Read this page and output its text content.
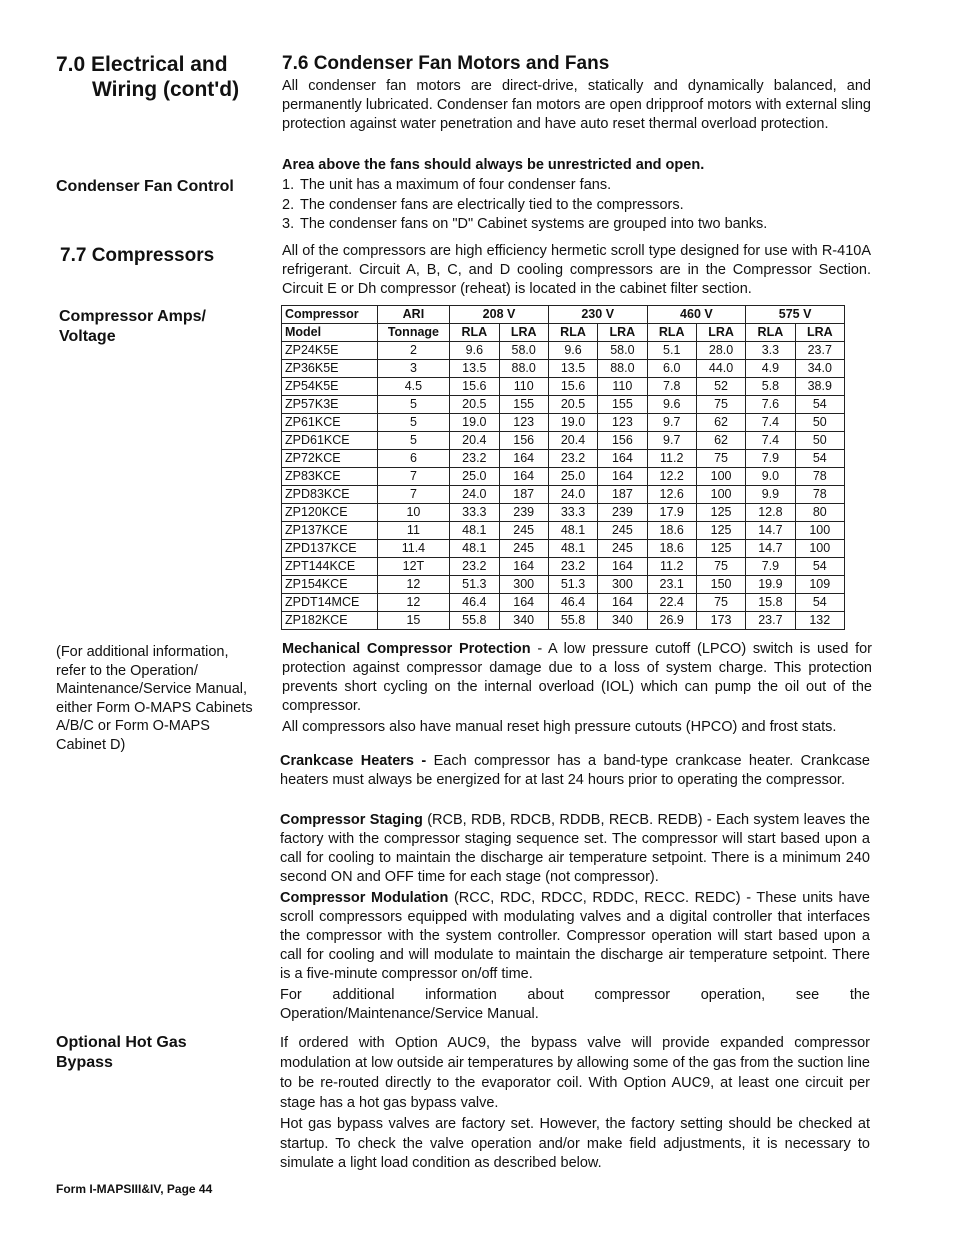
7.0 Electrical and
Wiring (cont'd)
7.6 Condenser Fan Motors and Fans
All condenser fan motors are direct-drive, statically and dynamically balanced, and permanently lubricated. Condenser fan motors are open dripproof motors with external sling protection against water penetration and have auto reset thermal overload protection.
Area above the fans should always be unrestricted and open.
Condenser Fan Control	1. The unit has a maximum of four condenser fans.
2. The condenser fans are electrically tied to the compressors.
3. The condenser fans on "D" Cabinet systems are grouped into two banks.
7.7 Compressors	All of the compressors are high efficiency hermetic scroll type designed for use with R-410A refrigerant. Circuit A, B, C, and D cooling compressors are in the Compressor Section. Circuit E or Dh compressor (reheat) is located in the cabinet filter section.
Compressor Amps/ Voltage
Compressor	ARI	208 V		230 V		460 V		575 V	
Model	Tonnage	RLA	LRA	RLA	LRA	RLA	LRA	RLA	LRA
ZP24K5E	2	9.6	58.0	9.6	58.0	5.1	28.0	3.3	23.7
ZP36K5E	3	13.5	88.0	13.5	88.0	6.0	44.0	4.9	34.0
ZP54K5E	4.5	15.6	110	15.6	110	7.8	52	5.8	38.9
ZP57K3E	5	20.5	155	20.5	155	9.6	75	7.6	54
ZP61KCE	5	19.0	123	19.0	123	9.7	62	7.4	50
ZPD61KCE	5	20.4	156	20.4	156	9.7	62	7.4	50
ZP72KCE	6	23.2	164	23.2	164	11.2	75	7.9	54
ZP83KCE	7	25.0	164	25.0	164	12.2	100	9.0	78
ZPD83KCE	7	24.0	187	24.0	187	12.6	100	9.9	78
ZP120KCE	10	33.3	239	33.3	239	17.9	125	12.8	80
ZP137KCE	11	48.1	245	48.1	245	18.6	125	14.7	100
ZPD137KCE	11.4	48.1	245	48.1	245	18.6	125	14.7	100
ZPT144KCE	12T	23.2	164	23.2	164	11.2	75	7.9	54
ZP154KCE	12	51.3	300	51.3	300	23.1	150	19.9	109
ZPDT14MCE	12	46.4	164	46.4	164	22.4	75	15.8	54
ZP182KCE	15	55.8	340	55.8	340	26.9	173	23.7	132
(For additional information, refer to the Operation/ Maintenance/Service Manual, either Form O-MAPS Cabinets A/B/C or Form O-MAPS Cabinet D)
Mechanical Compressor Protection - A low pressure cutoff (LPCO) switch is used for protection against compressor damage due to a loss of system charge. This protection prevents short cycling on the internal overload (IOL) which can pump the oil out of the compressor.
All compressors also have manual reset high pressure cutouts (HPCO) and frost stats.
Crankcase Heaters - Each compressor has a band-type crankcase heater. Crankcase heaters must always be energized for at last 24 hours prior to operating the compressor.
Compressor Staging (RCB, RDB, RDCB, RDDB, RECB. REDB) - Each system leaves the factory with the compressor staging sequence set. The compressor will start based upon a call for cooling to maintain the discharge air temperature setpoint. There is a minimum 240 second ON and OFF time for each stage (not compressor).
Compressor Modulation (RCC, RDC, RDCC, RDDC, RECC. REDC) - These units have scroll compressors equipped with modulating valves and a digital controller that interfaces the compressor with the system controller. Compressor operation will start based upon a call for cooling and will modulate to maintain the discharge air temperature setpoint. There is a five-minute compressor on/off time.
For additional information about compressor operation, see the Operation/Maintenance/Service Manual.
Optional Hot Gas Bypass
If ordered with Option AUC9, the bypass valve will provide expanded compressor modulation at low outside air temperatures by allowing some of the gas from the suction line to be re-routed directly to the evaporator coil. With Option AUC9, at least one circuit per stage has a hot gas bypass valve.
Hot gas bypass valves are factory set. However, the factory setting should be checked at startup. To check the valve operation and/or make field adjustments, it is necessary to simulate a light load condition as described below.
Form I-MAPSIII&IV, Page 44
